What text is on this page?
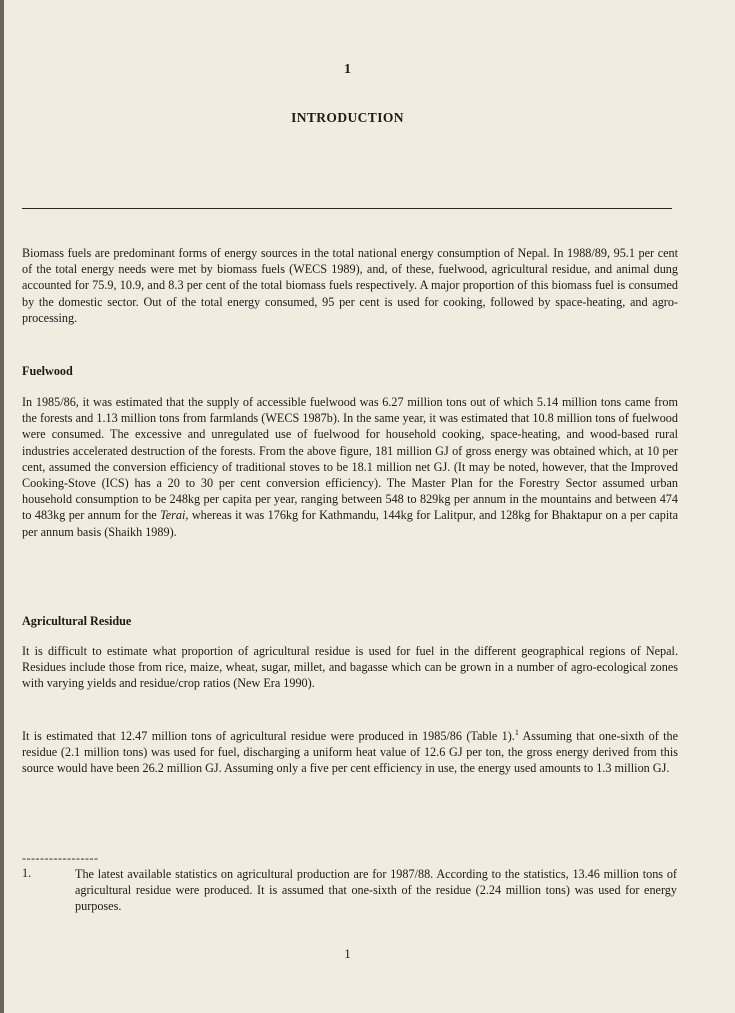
1
INTRODUCTION

Biomass fuels are predominant forms of energy sources in the total national energy consumption of Nepal. In 1988/89, 95.1 per cent of the total energy needs were met by biomass fuels (WECS 1989), and, of these, fuelwood, agricultural residue, and animal dung accounted for 75.9, 10.9, and 8.3 per cent of the total biomass fuels respectively. A major proportion of this biomass fuel is consumed by the domestic sector. Out of the total energy consumed, 95 per cent is used for cooking, followed by space-heating, and agro-processing.

Fuelwood

In 1985/86, it was estimated that the supply of accessible fuelwood was 6.27 million tons out of which 5.14 million tons came from the forests and 1.13 million tons from farmlands (WECS 1987b). In the same year, it was estimated that 10.8 million tons of fuelwood were consumed. The excessive and unregulated use of fuelwood for household cooking, space-heating, and wood-based rural industries accelerated destruction of the forests. From the above figure, 181 million GJ of gross energy was obtained which, at 10 per cent, assumed the conversion efficiency of traditional stoves to be 18.1 million net GJ. (It may be noted, however, that the Improved Cooking-Stove (ICS) has a 20 to 30 per cent conversion efficiency). The Master Plan for the Forestry Sector assumed urban household consumption to be 248kg per capita per year, ranging between 548 to 829kg per annum in the mountains and between 474 to 483kg per annum for the Terai, whereas it was 176kg for Kathmandu, 144kg for Lalitpur, and 128kg for Bhaktapur on a per capita per annum basis (Shaikh 1989).

Agricultural Residue

It is difficult to estimate what proportion of agricultural residue is used for fuel in the different geographical regions of Nepal. Residues include those from rice, maize, wheat, sugar, millet, and bagasse which can be grown in a number of agro-ecological zones with varying yields and residue/crop ratios (New Era 1990).

It is estimated that 12.47 million tons of agricultural residue were produced in 1985/86 (Table 1).$^1$ Assuming that one-sixth of the residue (2.1 million tons) was used for fuel, discharging a uniform heat value of 12.6 GJ per ton, the gross energy derived from this source would have been 26.2 million GJ. Assuming only a five per cent efficiency in use, the energy used amounts to 1.3 million GJ.

-----------------
1.	The latest available statistics on agricultural production are for 1987/88. According to the statistics, 13.46 million tons of agricultural residue were produced. It is assumed that one-sixth of the residue (2.24 million tons) was used for energy purposes.

1
